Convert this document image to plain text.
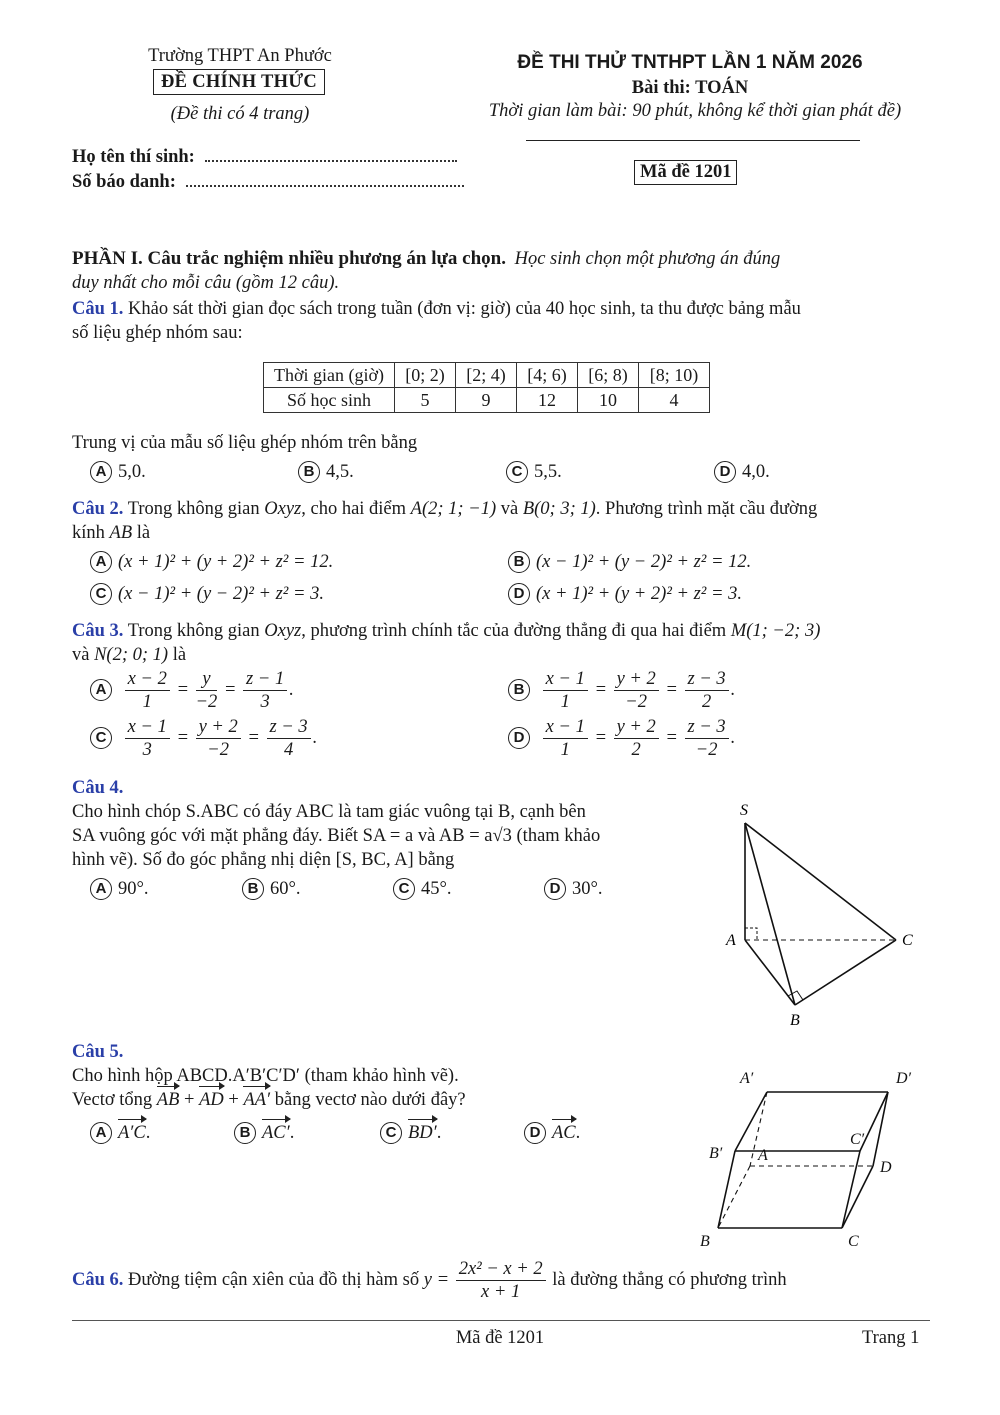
Trường THPT An Phước
ĐỀ CHÍNH THỨC
(Đề thi có 4 trang)
ĐỀ THI THỬ TNTHPT LẦN 1 NĂM 2026
Bài thi: TOÁN
Thời gian làm bài: 90 phút, không kể thời gian phát đề)
Họ tên thí sinh:
Số báo danh:	Mã đề 1201
PHẦN I. Câu trắc nghiệm nhiều phương án lựa chọn. Học sinh chọn một phương án đúng
duy nhất cho mỗi câu (gồm 12 câu).
Câu 1. Khảo sát thời gian đọc sách trong tuần (đơn vị: giờ) của 40 học sinh, ta thu được bảng mẫu
số liệu ghép nhóm sau:
Thời gian (giờ)	[0; 2)	[2; 4)	[4; 6)	[6; 8)	[8; 10)
Số học sinh	5	9	12	10	4
Trung vị của mẫu số liệu ghép nhóm trên bằng
A 5,0.	B 4,5.	C 5,5.	D 4,0.
Câu 2. Trong không gian Oxyz, cho hai điểm A(2; 1; −1) và B(0; 3; 1). Phương trình mặt cầu đường
kính AB là
A (x + 1)² + (y + 2)² + z² = 12.	B (x − 1)² + (y − 2)² + z² = 12.
C (x − 1)² + (y − 2)² + z² = 3.	D (x + 1)² + (y + 2)² + z² = 3.
Câu 3. Trong không gian Oxyz, phương trình chính tắc của đường thẳng đi qua hai điểm M(1; −2; 3)
và N(2; 0; 1) là
A $\frac{x - 2}{1} = \frac{y}{-2} = \frac{z - 1}{3}$ .	B $\frac{x - 1}{1} = \frac{y + 2}{-2} = \frac{z - 3}{2}$ .
C $\frac{x - 1}{3} = \frac{y + 2}{-2} = \frac{z - 3}{4}$ .	D $\frac{x - 1}{1} = \frac{y + 2}{2} = \frac{z - 3}{-2}$ .
Câu 4.
Cho hình chóp S.ABC có đáy ABC là tam giác vuông tại B, cạnh bên
SA vuông góc với mặt phẳng đáy. Biết SA = a và AB = a√3 (tham khảo
hình vẽ). Số đo góc phẳng nhị diện [S, BC, A] bằng
A 90°.	B 60°.	C 45°.	D 30°.
S
A
B
C
Câu 5.
Cho hình hộp ABCD.A′B′C′D′ (tham khảo hình vẽ).
Vectơ tổng AB + AD + AA′ bằng vectơ nào dưới đây?
A A′C.	B AC′.	C BD′.	D AC.
A′	D′
B′
C′
A
D
B	C
Câu 6. Đường tiệm cận xiên của đồ thị hàm số $y = \frac{\text{2x² − x + 2}}{x + 1}$ là đường thẳng có phương trình
Mã đề 1201	Trang 1
